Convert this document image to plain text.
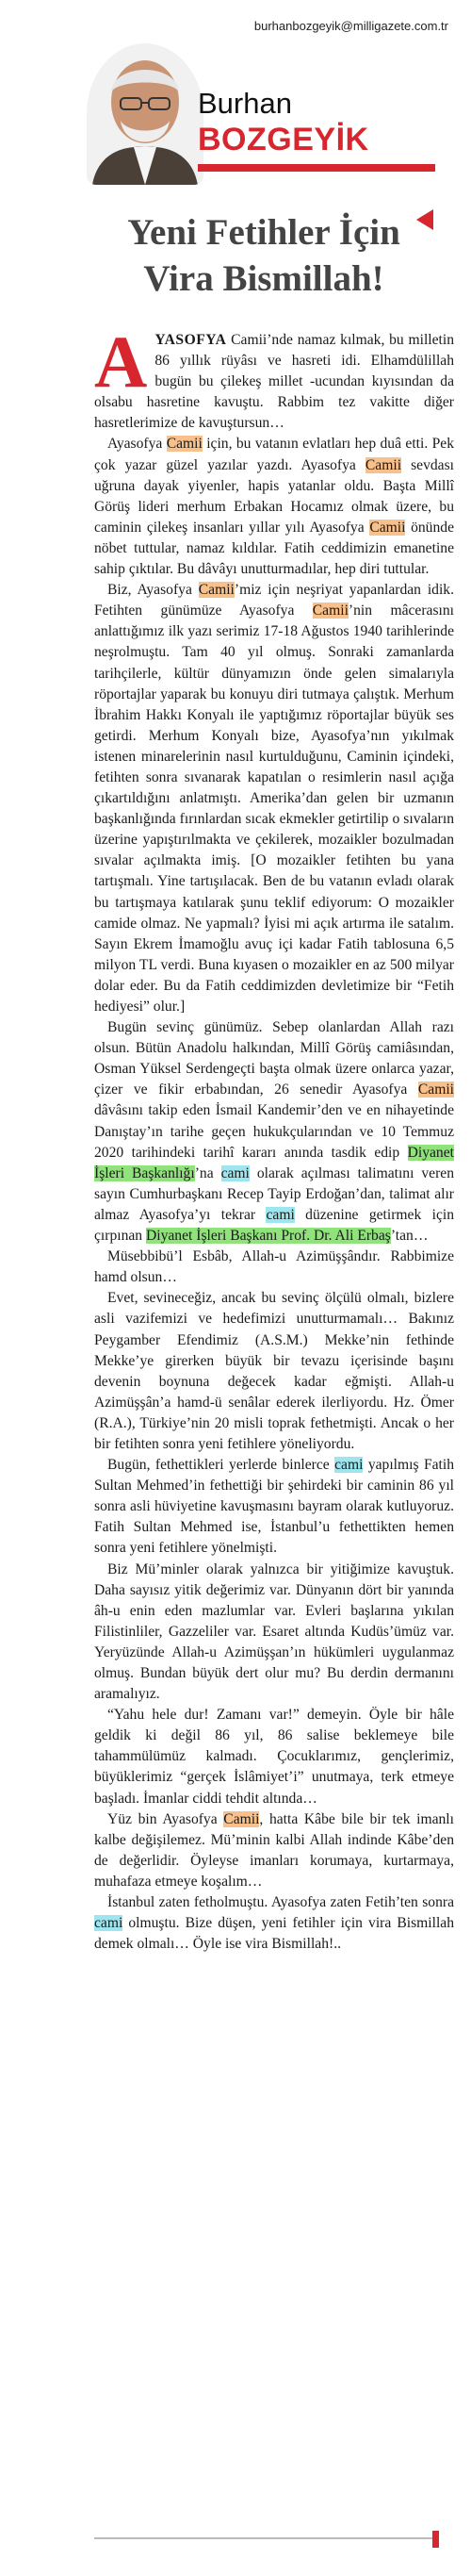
burhanbozgeyik@milligazete.com.tr
Burhan
BOZGEYİK
Yeni Fetihler İçin
Vira Bismillah!

AYASOFYA Camii’nde namaz kılmak, bu milletin 86 yıllık rüyâsı ve hasreti idi. Elhamdülillah bugün bu çilekeş millet -ucundan kıyısından da olsabu hasretine kavuştu. Rabbim tez vakitte diğer hasretlerimize de kavuştursun…

Ayasofya Camii için, bu vatanın evlatları hep duâ etti. Pek çok yazar güzel yazılar yazdı. Ayasofya Camii sevdası uğruna dayak yiyenler, hapis yatanlar oldu. Başta Millî Görüş lideri merhum Erbakan Hocamız olmak üzere, bu caminin çilekeş insanları yıllar yılı Ayasofya Camii önünde nöbet tuttular, namaz kıldılar. Fatih ceddimizin emanetine sahip çıktılar. Bu dâvâyı unutturmadılar, hep diri tuttular.

Biz, Ayasofya Camii’miz için neşriyat yapanlardan idik. Fetihten günümüze Ayasofya Camii’nin mâcerasını anlattığımız ilk yazı serimiz 17-18 Ağustos 1940 tarihlerinde neşrolmuştu. Tam 40 yıl olmuş. Sonraki zamanlarda tarihçilerle, kültür dünyamızın önde gelen simalarıyla röportajlar yaparak bu konuyu diri tutmaya çalıştık. Merhum İbrahim Hakkı Konyalı ile yaptığımız röportajlar büyük ses getirdi. Merhum Konyalı bize, Ayasofya’nın yıkılmak istenen minarelerinin nasıl kurtulduğunu, Caminin içindeki, fetihten sonra sıvanarak kapatılan o resimlerin nasıl açığa çıkartıldığını anlatmıştı. Amerika’dan gelen bir uzmanın başkanlığında fırınlardan sıcak ekmekler getirtilip o sıvaların üzerine yapıştırılmakta ve çekilerek, mozaikler bozulmadan sıvalar açılmakta imiş. [O mozaikler fetihten bu yana tartışmalı. Yine tartışılacak. Ben de bu vatanın evladı olarak bu tartışmaya katılarak şunu teklif ediyorum: O mozaikler camide olmaz. Ne yapmalı? İyisi mi açık artırma ile satalım. Sayın Ekrem İmamoğlu avuç içi kadar Fatih tablosuna 6,5 milyon TL verdi. Buna kıyasen o mozaikler en az 500 milyar dolar eder. Bu da Fatih ceddimizden devletimize bir “Fetih hediyesi” olur.]

Bugün sevinç günümüz. Sebep olanlardan Allah razı olsun. Bütün Anadolu halkından, Millî Görüş camiâsından, Osman Yüksel Serdengeçti başta olmak üzere onlarca yazar, çizer ve fikir erbabından, 26 senedir Ayasofya Camii dâvâsını takip eden İsmail Kandemir’den ve en nihayetinde Danıştay’ın tarihe geçen hukukçularından ve 10 Temmuz 2020 tarihindeki tarihî kararı anında tasdik edip Diyanet İşleri Başkanlığı’na cami olarak açılması talimatını veren sayın Cumhurbaşkanı Recep Tayip Erdoğan’dan, talimat alır almaz Ayasofya’yı tekrar cami düzenine getirmek için çırpınan Diyanet İşleri Başkanı Prof. Dr. Ali Erbaş’tan…

Müsebbibü’l Esbâb, Allah-u Azimüşşândır. Rabbimize hamd olsun…

Evet, sevineceğiz, ancak bu sevinç ölçülü olmalı, bizlere asli vazifemizi ve hedefimizi unutturmamalı… Bakınız Peygamber Efendimiz (A.S.M.) Mekke’nin fethinde Mekke’ye girerken büyük bir tevazu içerisinde başını devenin boynuna değecek kadar eğmişti. Allah-u Azimüşşân’a hamd-ü senâlar ederek ilerliyordu. Hz. Ömer (R.A.), Türkiye’nin 20 misli toprak fethetmişti. Ancak o her bir fetihten sonra yeni fetihlere yöneliyordu.

Bugün, fethettikleri yerlerde binlerce cami yapılmış Fatih Sultan Mehmed’in fethettiği bir şehirdeki bir caminin 86 yıl sonra asli hüviyetine kavuşmasını bayram olarak kutluyoruz. Fatih Sultan Mehmed ise, İstanbul’u fethettikten hemen sonra yeni fetihlere yönelmişti.

Biz Mü’minler olarak yalnızca bir yitiğimize kavuştuk. Daha sayısız yitik değerimiz var. Dünyanın dört bir yanında âh-u enin eden mazlumlar var. Evleri başlarına yıkılan Filistinliler, Gazzeliler var. Esaret altında Kudüs’ümüz var. Yeryüzünde Allah-u Azimüşşan’ın hükümleri uygulanmaz olmuş. Bundan büyük dert olur mu? Bu derdin dermanını aramalıyız.

“Yahu hele dur! Zamanı var!” demeyin. Öyle bir hâle geldik ki değil 86 yıl, 86 salise beklemeye bile tahammülümüz kalmadı. Çocuklarımız, gençlerimiz, büyüklerimiz “gerçek İslâmiyet’i” unutmaya, terk etmeye başladı. İmanlar ciddi tehdit altında…

Yüz bin Ayasofya Camii, hatta Kâbe bile bir tek imanlı kalbe değişilemez. Mü’minin kalbi Allah indinde Kâbe’den de değerlidir. Öyleyse imanları korumaya, kurtarmaya, muhafaza etmeye koşalım…

İstanbul zaten fetholmuştu. Ayasofya zaten Fetih’ten sonra cami olmuştu. Bize düşen, yeni fetihler için vira Bismillah demek olmalı… Öyle ise vira Bismillah!..
